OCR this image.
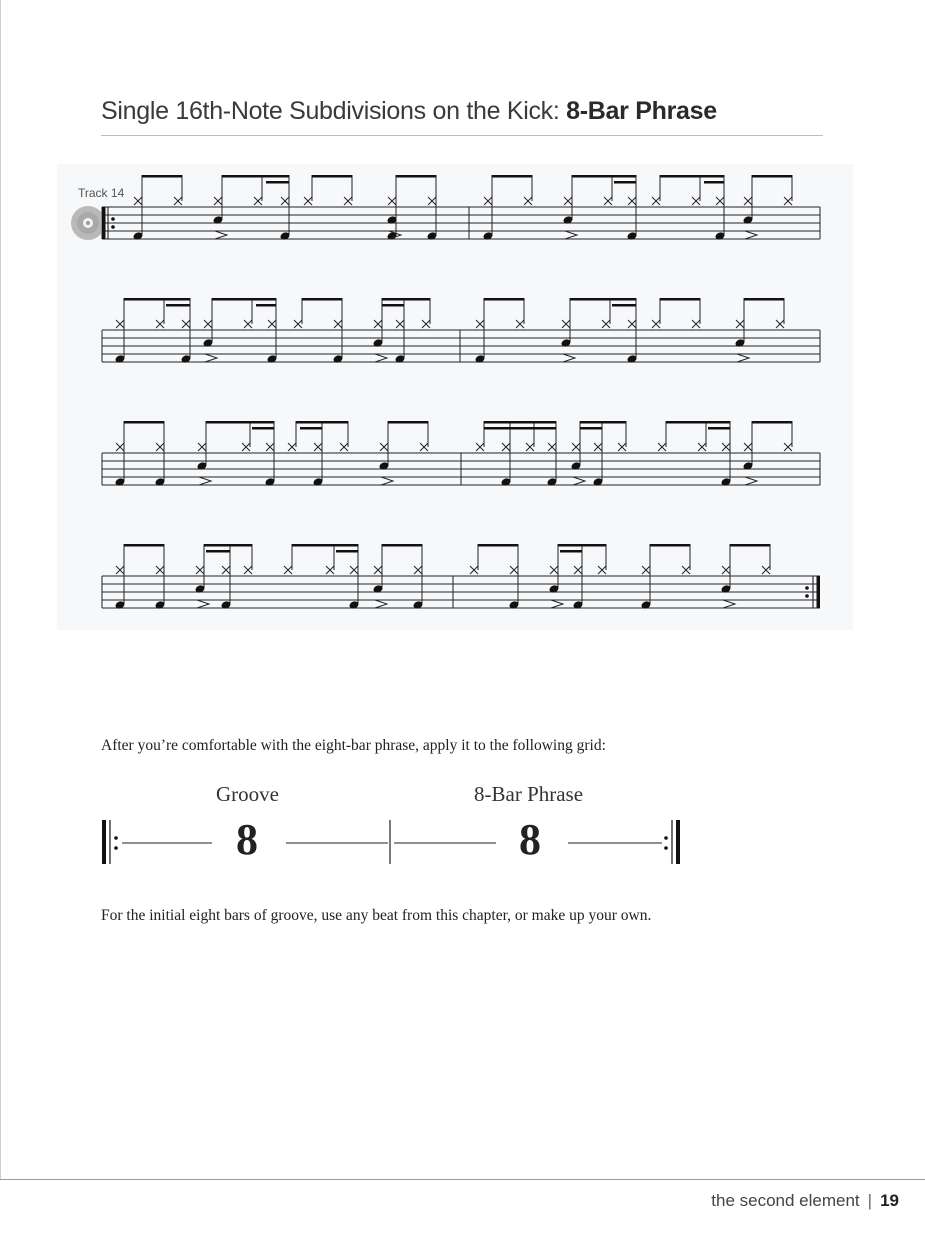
Single 16th-Note Subdivisions on the Kick: 8-Bar Phrase
Track 14
After you’re comfortable with the eight-bar phrase, apply it to the following grid:
Groove	8-Bar Phrase
8	8
For the initial eight bars of groove, use any beat from this chapter, or make up your own.
the second element | 19
